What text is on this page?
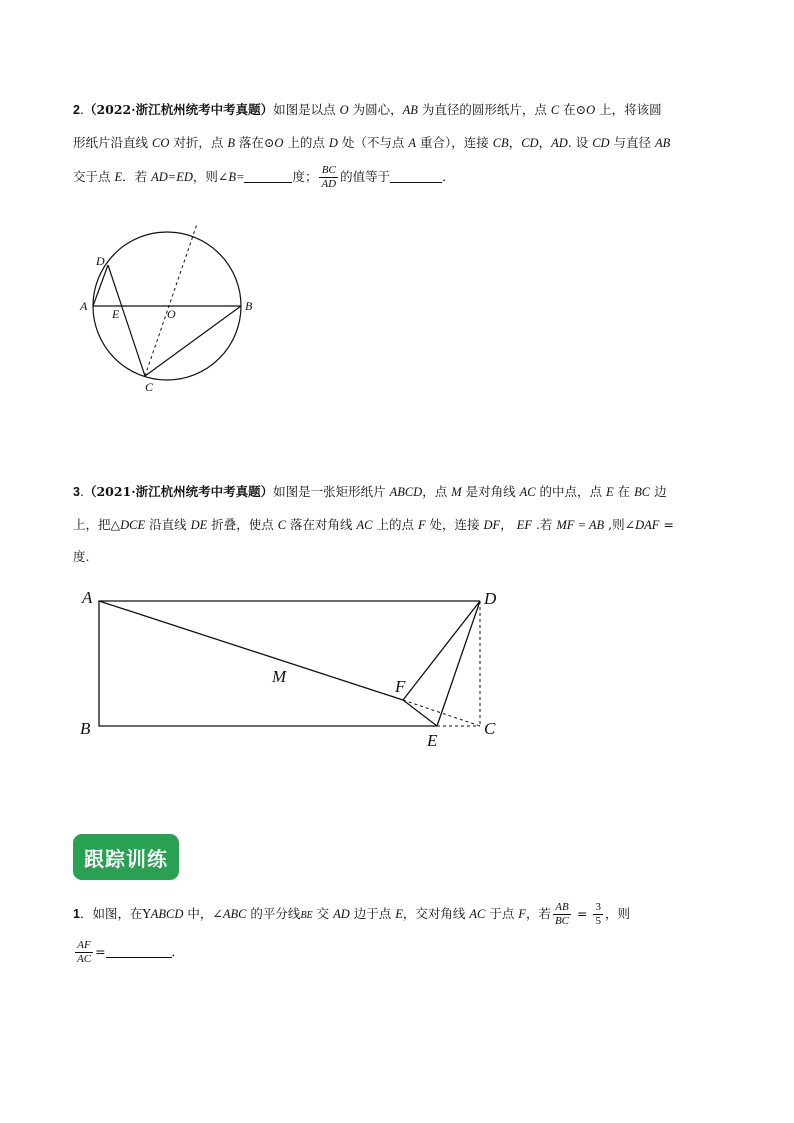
2.（2022·浙江杭州统考中考真题）如图是以点 O 为圆心，AB 为直径的圆形纸片，点 C 在⊙O 上，将该圆
形纸片沿直线 CO 对折，点 B 落在⊙O 上的点 D 处（不与点 A 重合），连接 CB，CD，AD. 设 CD 与直径 AB
交于点 E．若 AD=ED，则∠B=	度； $\frac{BC}{AD}$ 的值等于	．
D
A
E	O
B
C
3.（2021·浙江杭州统考中考真题）如图是一张矩形纸片 ABCD，点 M 是对角线 AC 的中点，点 E 在 BC 边
上，把△DCE 沿直线 DE 折叠，使点 C 落在对角线 AC 上的点 F 处，连接 DF， EF .若 MF = AB ,则∠DAF =
度.
A	D
M
F
B
E
C
跟踪训练
1．如图，在YABCD 中，∠ABC 的平分线BE 交 AD 边于点 E，交对角线 AC 于点 F，若 $\frac{AB}{BC} = \frac{3}{5}$ ，则
$\frac{AF}{AC}$ =	．
